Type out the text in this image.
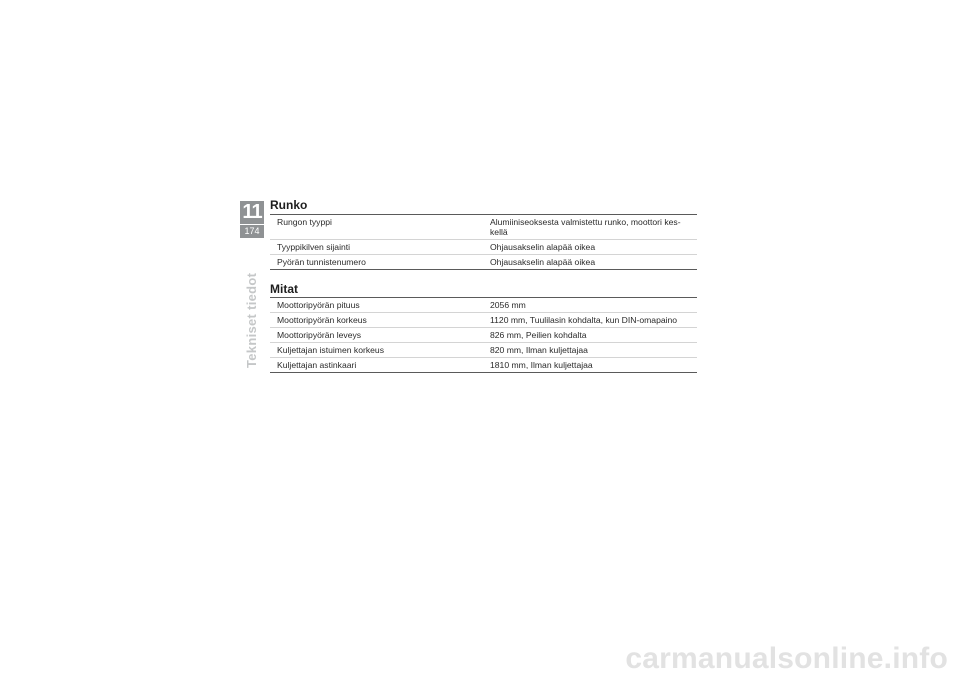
11
174
Tekniset tiedot
Runko
Rungon tyyppi	Alumiiniseoksesta valmistettu runko, moottori kes-
kellä
Tyyppikilven sijainti	Ohjausakselin alapää oikea
Pyörän tunnistenumero	Ohjausakselin alapää oikea
Mitat
Moottoripyörän pituus	2056 mm
Moottoripyörän korkeus	1120 mm, Tuulilasin kohdalta, kun DIN-omapaino
Moottoripyörän leveys	826 mm, Peilien kohdalta
Kuljettajan istuimen korkeus	820 mm, Ilman kuljettajaa
Kuljettajan astinkaari	1810 mm, Ilman kuljettajaa
carmanualsonline.info
